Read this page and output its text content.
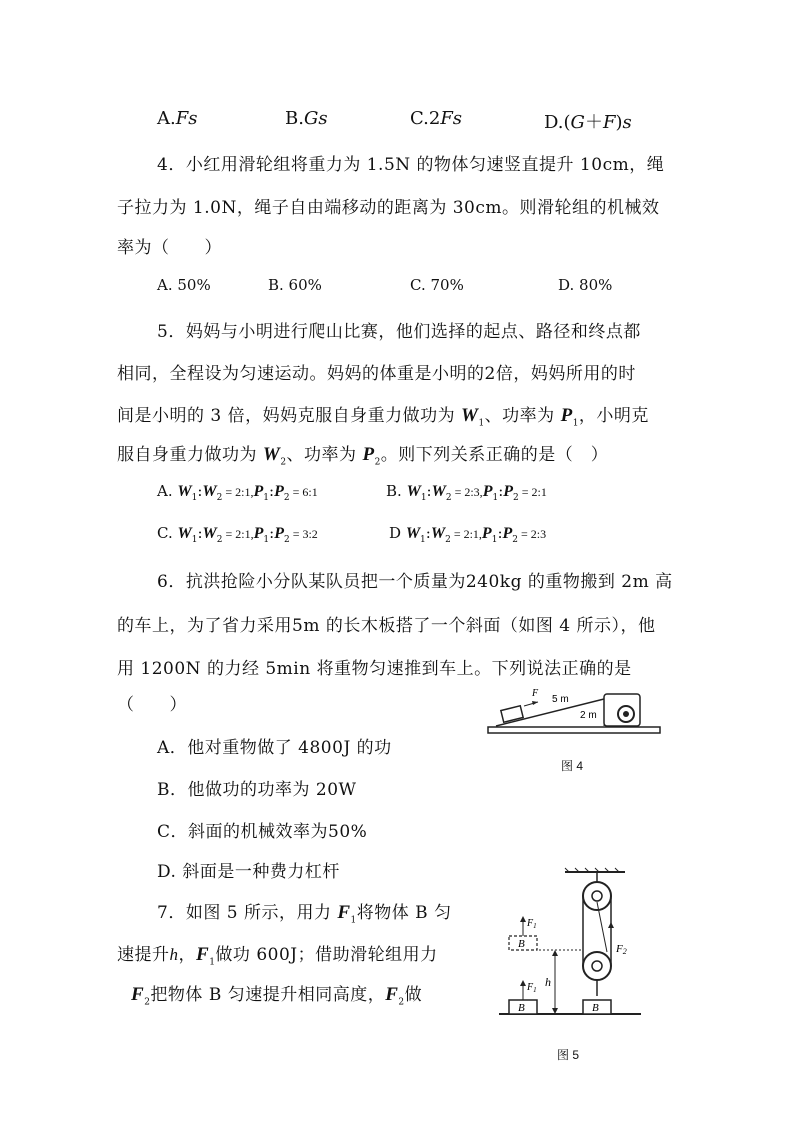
A.Fs	B.Gs	C.2Fs	D.(G＋F)s
4．小红用滑轮组将重力为 1.5N 的物体匀速竖直提升 10cm，绳
子拉力为 1.0N，绳子自由端移动的距离为 30cm。则滑轮组的机械效
率为（　　）
A. 50%	B. 60%	C. 70%	D. 80%
5．妈妈与小明进行爬山比赛，他们选择的起点、路径和终点都
相同，全程设为匀速运动。妈妈的体重是小明的2倍，妈妈所用的时
间是小明的 3 倍，妈妈克服自身重力做功为 $W_1$、功率为 $P_1$，小明克
服自身重力做功为 $W_2$、功率为 $P_2$。则下列关系正确的是（　）
A. $W_1:W_2$ = $2:1,P_1:P_2$ = 6:1	B. $W_1:W_2$ = $2:3,P_1:P_2$ = 2:1
C. $W_1:W_2$ = $2:1,P_1:P_2$ = 3:2	D $W_1:W_2$ = $2:1,P_1:P_2$ = 2:3
6．抗洪抢险小分队某队员把一个质量为240kg 的重物搬到 2m 高
的车上，为了省力采用5m 的长木板搭了一个斜面（如图 4 所示），他
用 1200N 的力经 5min 将重物匀速推到车上。下列说法正确的是
（　　）
A．他对重物做了 4800J 的功
B．他做功的功率为 20W
C．斜面的机械效率为50%
D. 斜面是一种费力杠杆
F
5 m
2 m
图 4
7．如图 5 所示，用力 $F_1$将物体 B 匀
速提升h，$F_1$做功 600J；借助滑轮组用力
$F_2$把物体 B 匀速提升相同高度，$F_2$做
F2
B	B
B
$F_1$
$F_1$
h
图 5
